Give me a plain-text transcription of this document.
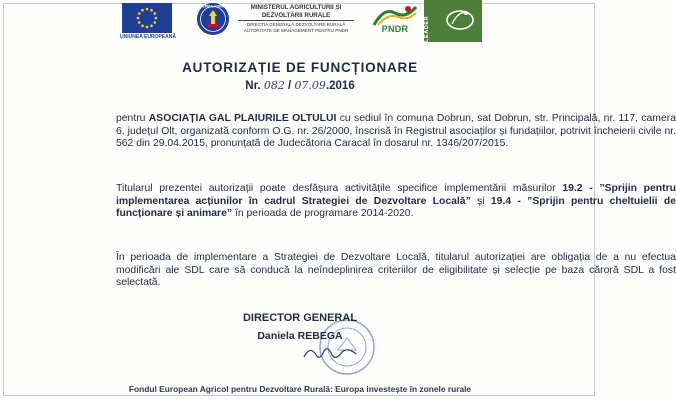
UNIUNEA EUROPEANĂ
GUVERNUL ROMÂNIEI	MINISTERUL AGRICULTURII ȘI
DEZVOLTĂRII RURALE
DIRECȚIA GENERALĂ DEZVOLTARE RURALĂ
AUTORITATE DE MANAGEMENT PENTRU PNDR	PNDR	LEADER
AUTORIZAȚIE DE FUNCȚIONARE
Nr. 082 / 07.09.2016
pentru ASOCIAȚIA GAL PLAIURILE OLTULUI cu sediul în comuna Dobrun, sat Dobrun, str. Principală, nr. 117, camera 6, județul Olt, organizată conform O.G. nr. 26/2000, înscrisă în Registrul asociaților și fundațiilor, potrivit încheierii civile nr. 562 din 29.04.2015, pronunțată de Judecătoria Caracal în dosarul nr. 1346/207/2015.
Titularul prezentei autorizații poate desfășura activitățile specifice implementării măsurilor 19.2 - ”Sprijin pentru implementarea acțiunilor în cadrul Strategiei de Dezvoltare Locală” și 19.4 - ”Sprijin pentru cheltuielii de funcționare și animare” în perioada de programare 2014-2020.
În perioada de implementare a Strategiei de Dezvoltare Locală, titularul autorizației are obligația de a nu efectua modificări ale SDL care să conducă la neîndeplinirea criteriilor de eligibilitate și selecție pe baza căroră SDL a fost selectată.
DIRECTOR GENERAL
Daniela REBEGA
Fondul European Agricol pentru Dezvoltare Rurală: Europa investește în zonele rurale
